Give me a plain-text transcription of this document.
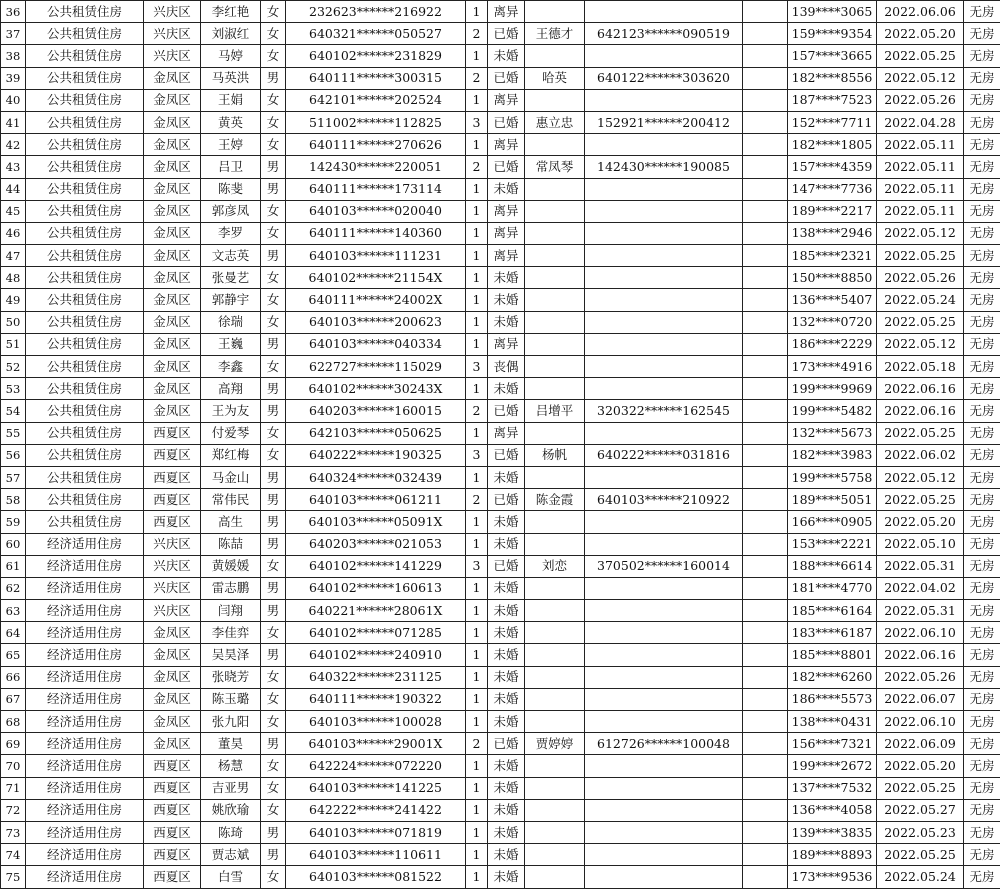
36	公共租赁住房	兴庆区	李红艳	女	232623******216922	1	离异				139****3065	2022.06.06	无房
37	公共租赁住房	兴庆区	刘淑红	女	640321******050527	2	已婚	王德才	642123******090519		159****9354	2022.05.20	无房
38	公共租赁住房	兴庆区	马婷	女	640102******231829	1	未婚				157****3665	2022.05.25	无房
39	公共租赁住房	金凤区	马英洪	男	640111******300315	2	已婚	哈英	640122******303620		182****8556	2022.05.12	无房
40	公共租赁住房	金凤区	王娟	女	642101******202524	1	离异				187****7523	2022.05.26	无房
41	公共租赁住房	金凤区	黄英	女	511002******112825	3	已婚	惠立忠	152921******200412		152****7711	2022.04.28	无房
42	公共租赁住房	金凤区	王婷	女	640111******270626	1	离异				182****1805	2022.05.11	无房
43	公共租赁住房	金凤区	吕卫	男	142430******220051	2	已婚	常凤琴	142430******190085		157****4359	2022.05.11	无房
44	公共租赁住房	金凤区	陈斐	男	640111******173114	1	未婚				147****7736	2022.05.11	无房
45	公共租赁住房	金凤区	郭彦凤	女	640103******020040	1	离异				189****2217	2022.05.11	无房
46	公共租赁住房	金凤区	李罗	女	640111******140360	1	离异				138****2946	2022.05.12	无房
47	公共租赁住房	金凤区	文志英	男	640103******111231	1	离异				185****2321	2022.05.25	无房
48	公共租赁住房	金凤区	张曼艺	女	640102******21154X	1	未婚				150****8850	2022.05.26	无房
49	公共租赁住房	金凤区	郭静宇	女	640111******24002X	1	未婚				136****5407	2022.05.24	无房
50	公共租赁住房	金凤区	徐瑞	女	640103******200623	1	未婚				132****0720	2022.05.25	无房
51	公共租赁住房	金凤区	王巍	男	640103******040334	1	离异				186****2229	2022.05.12	无房
52	公共租赁住房	金凤区	李鑫	女	622727******115029	3	丧偶				173****4916	2022.05.18	无房
53	公共租赁住房	金凤区	高翔	男	640102******30243X	1	未婚				199****9969	2022.06.16	无房
54	公共租赁住房	金凤区	王为友	男	640203******160015	2	已婚	吕增平	320322******162545		199****5482	2022.06.16	无房
55	公共租赁住房	西夏区	付爱琴	女	642103******050625	1	离异				132****5673	2022.05.25	无房
56	公共租赁住房	西夏区	郑红梅	女	640222******190325	3	已婚	杨帆	640222******031816		182****3983	2022.06.02	无房
57	公共租赁住房	西夏区	马金山	男	640324******032439	1	未婚				199****5758	2022.05.12	无房
58	公共租赁住房	西夏区	常伟民	男	640103******061211	2	已婚	陈金霞	640103******210922		189****5051	2022.05.25	无房
59	公共租赁住房	西夏区	高生	男	640103******05091X	1	未婚				166****0905	2022.05.20	无房
60	经济适用住房	兴庆区	陈喆	男	640203******021053	1	未婚				153****2221	2022.05.10	无房
61	经济适用住房	兴庆区	黄媛媛	女	640102******141229	3	已婚	刘恋	370502******160014		188****6614	2022.05.31	无房
62	经济适用住房	兴庆区	雷志鹏	男	640102******160613	1	未婚				181****4770	2022.04.02	无房
63	经济适用住房	兴庆区	闫翔	男	640221******28061X	1	未婚				185****6164	2022.05.31	无房
64	经济适用住房	金凤区	李佳弈	女	640102******071285	1	未婚				183****6187	2022.06.10	无房
65	经济适用住房	金凤区	吴昊泽	男	640102******240910	1	未婚				185****8801	2022.06.16	无房
66	经济适用住房	金凤区	张晓芳	女	640322******231125	1	未婚				182****6260	2022.05.26	无房
67	经济适用住房	金凤区	陈玉璐	女	640111******190322	1	未婚				186****5573	2022.06.07	无房
68	经济适用住房	金凤区	张九阳	女	640103******100028	1	未婚				138****0431	2022.06.10	无房
69	经济适用住房	金凤区	董昊	男	640103******29001X	2	已婚	贾婷婷	612726******100048		156****7321	2022.06.09	无房
70	经济适用住房	西夏区	杨慧	女	642224******072220	1	未婚				199****2672	2022.05.20	无房
71	经济适用住房	西夏区	吉亚男	女	640103******141225	1	未婚				137****7532	2022.05.25	无房
72	经济适用住房	西夏区	姚欣瑜	女	642222******241422	1	未婚				136****4058	2022.05.27	无房
73	经济适用住房	西夏区	陈琦	男	640103******071819	1	未婚				139****3835	2022.05.23	无房
74	经济适用住房	西夏区	贾志斌	男	640103******110611	1	未婚				189****8893	2022.05.25	无房
75	经济适用住房	西夏区	白雪	女	640103******081522	1	未婚				173****9536	2022.05.24	无房
